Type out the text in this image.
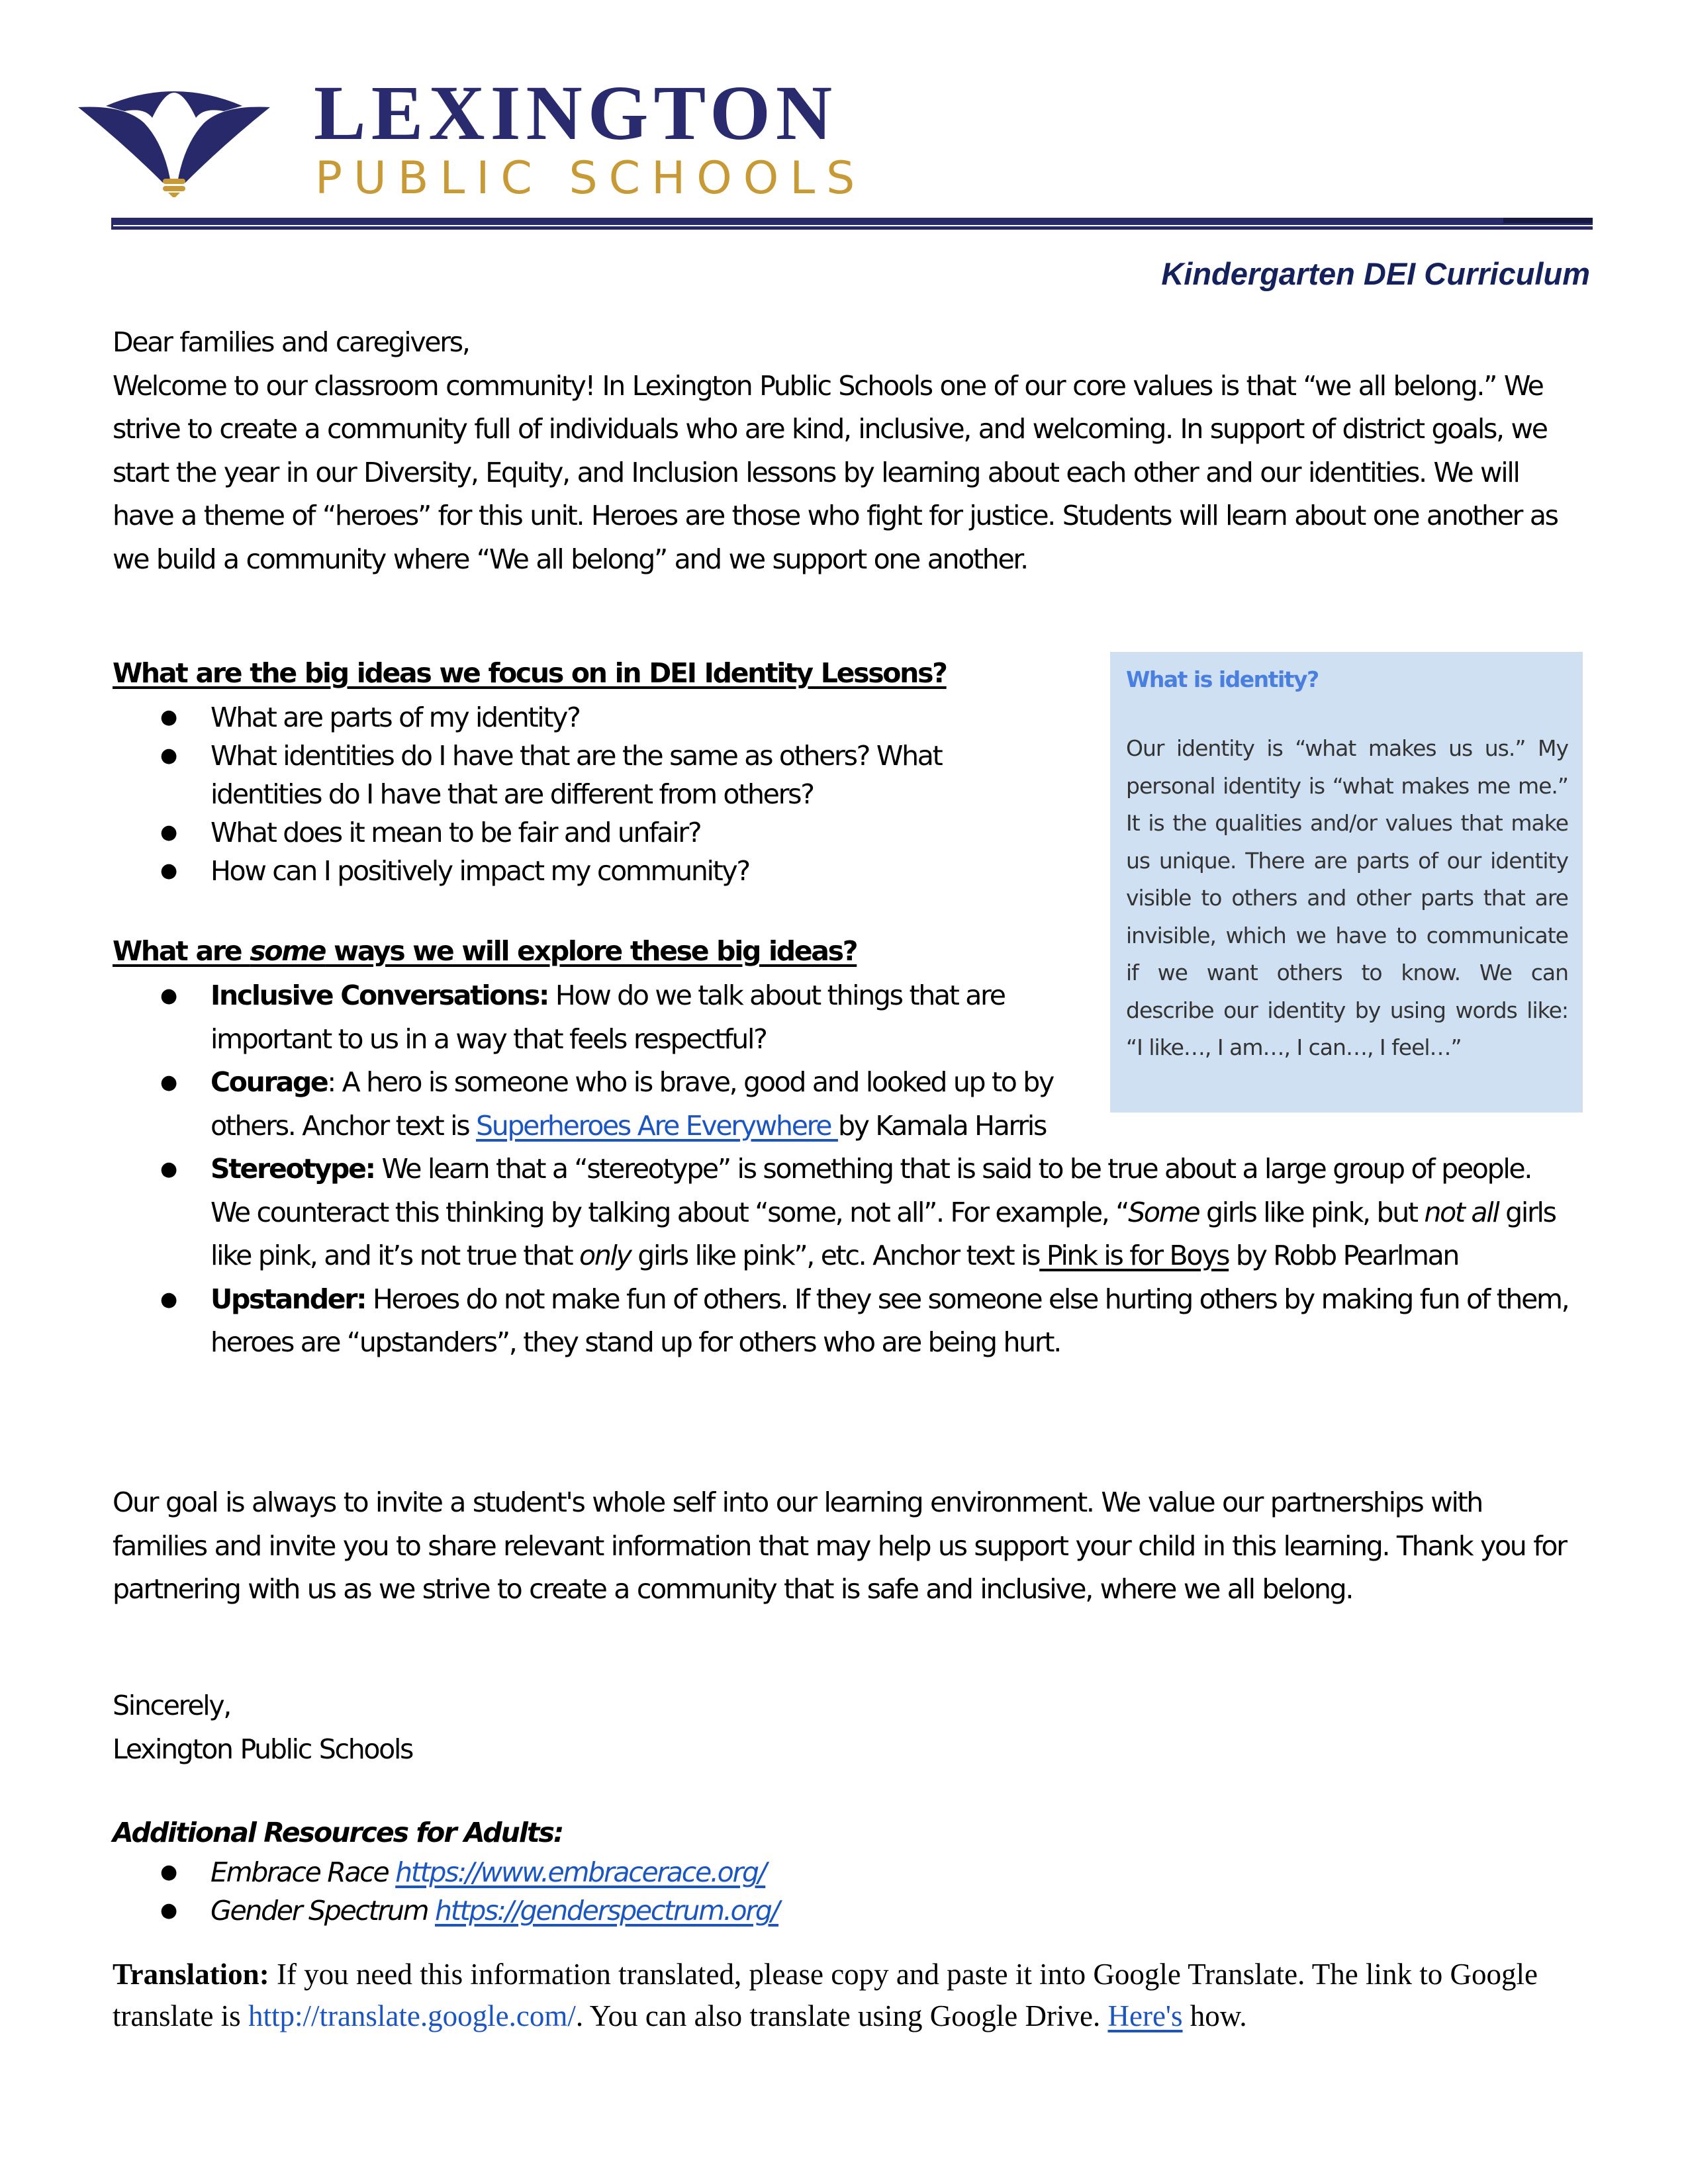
LEXINGTON
PUBLIC SCHOOLS
Kindergarten DEI Curriculum
Dear families and caregivers,
Welcome to our classroom community! In Lexington Public Schools one of our core values is that “we all belong.” We strive to create a community full of individuals who are kind, inclusive, and welcoming. In support of district goals, we start the year in our Diversity, Equity, and Inclusion lessons by learning about each other and our identities. We will have a theme of “heroes” for this unit. Heroes are those who fight for justice. Students will learn about one another as we build a community where “We all belong” and we support one another.
What is identity?
Our identity is “what makes us us.” My personal identity is “what makes me me.” It is the qualities and/or values that make us unique. There are parts of our identity visible to others and other parts that are invisible, which we have to communicate if we want others to know. We can describe our identity by using words like: “I like…, I am…, I can…, I feel…”
What are the big ideas we focus on in DEI Identity Lessons?
● What are parts of my identity?
● What identities do I have that are the same as others? What identities do I have that are different from others?
● What does it mean to be fair and unfair?
● How can I positively impact my community?
What are some ways we will explore these big ideas?
● Inclusive Conversations: How do we talk about things that are important to us in a way that feels respectful?
● Courage: A hero is someone who is brave, good and looked up to by others. Anchor text is Superheroes Are Everywhere by Kamala Harris
● Stereotype: We learn that a “stereotype” is something that is said to be true about a large group of people. We counteract this thinking by talking about “some, not all”. For example, “Some girls like pink, but not all girls like pink, and it’s not true that only girls like pink”, etc. Anchor text is Pink is for Boys by Robb Pearlman
● Upstander: Heroes do not make fun of others. If they see someone else hurting others by making fun of them, heroes are “upstanders”, they stand up for others who are being hurt.
Our goal is always to invite a student's whole self into our learning environment. We value our partnerships with families and invite you to share relevant information that may help us support your child in this learning. Thank you for partnering with us as we strive to create a community that is safe and inclusive, where we all belong.
Sincerely,
Lexington Public Schools
Additional Resources for Adults:
● Embrace Race https://www.embracerace.org/
● Gender Spectrum https://genderspectrum.org/
Translation: If you need this information translated, please copy and paste it into Google Translate. The link to Google translate is http://translate.google.com/. You can also translate using Google Drive. Here's how.
